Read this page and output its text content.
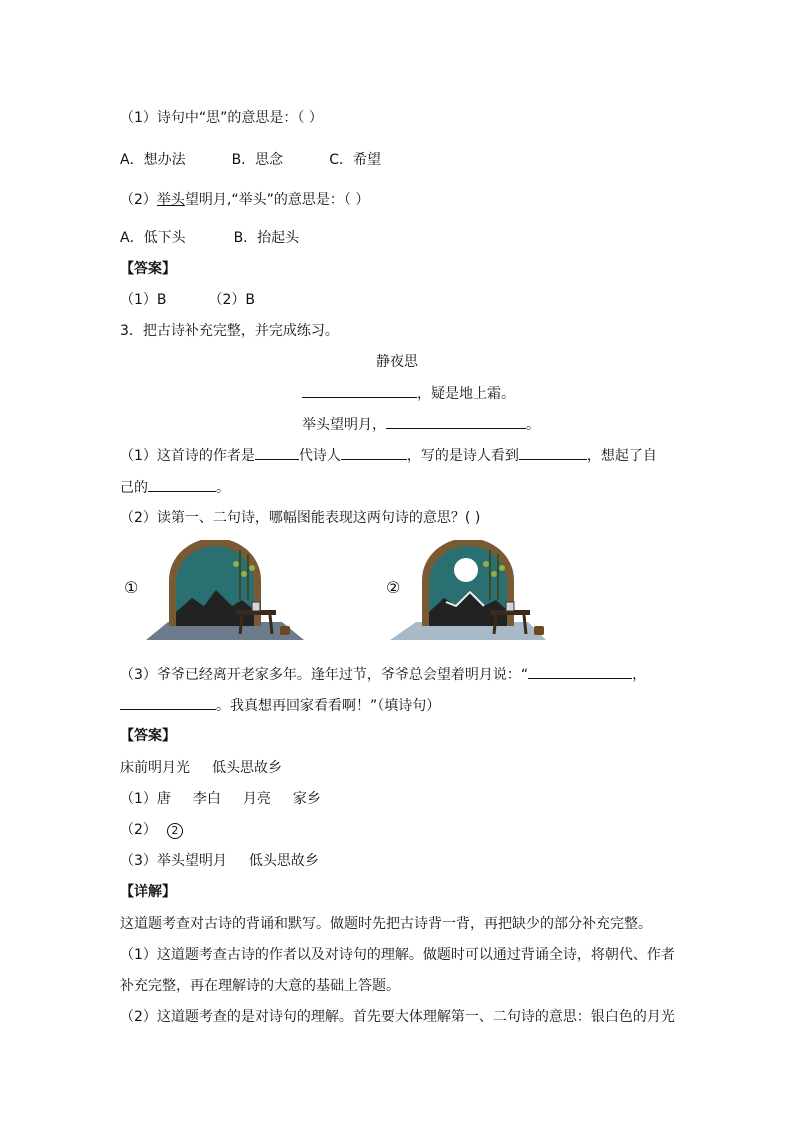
（1）诗句中“思”的意思是：（ ）
A．想办法	B．思念	C．希望
（2）举头望明月,“举头”的意思是：（ ）
A．低下头	B．抬起头
【答案】
（1）B	（2）B
3．把古诗补充完整，并完成练习。
静夜思
，疑是地上霜。
举头望明月，	。
（1）这首诗的作者是	代诗人	，写的是诗人看到	，想起了自
己的	。
（2）读第一、二句诗，哪幅图能表现这两句诗的意思？( )
①	②
（3）爷爷已经离开老家多年。逢年过节，爷爷总会望着明月说：“	，
。我真想再回家看看啊！”（填诗句）
【答案】
床前明月光 低头思故乡
（1）唐 李白 月亮 家乡
（2） 2
（3）举头望明月 低头思故乡
【详解】
这道题考查对古诗的背诵和默写。做题时先把古诗背一背，再把缺少的部分补充完整。
（1）这道题考查古诗的作者以及对诗句的理解。做题时可以通过背诵全诗，将朝代、作者
补充完整，再在理解诗的大意的基础上答题。
（2）这道题考查的是对诗句的理解。首先要大体理解第一、二句诗的意思：银白色的月光
